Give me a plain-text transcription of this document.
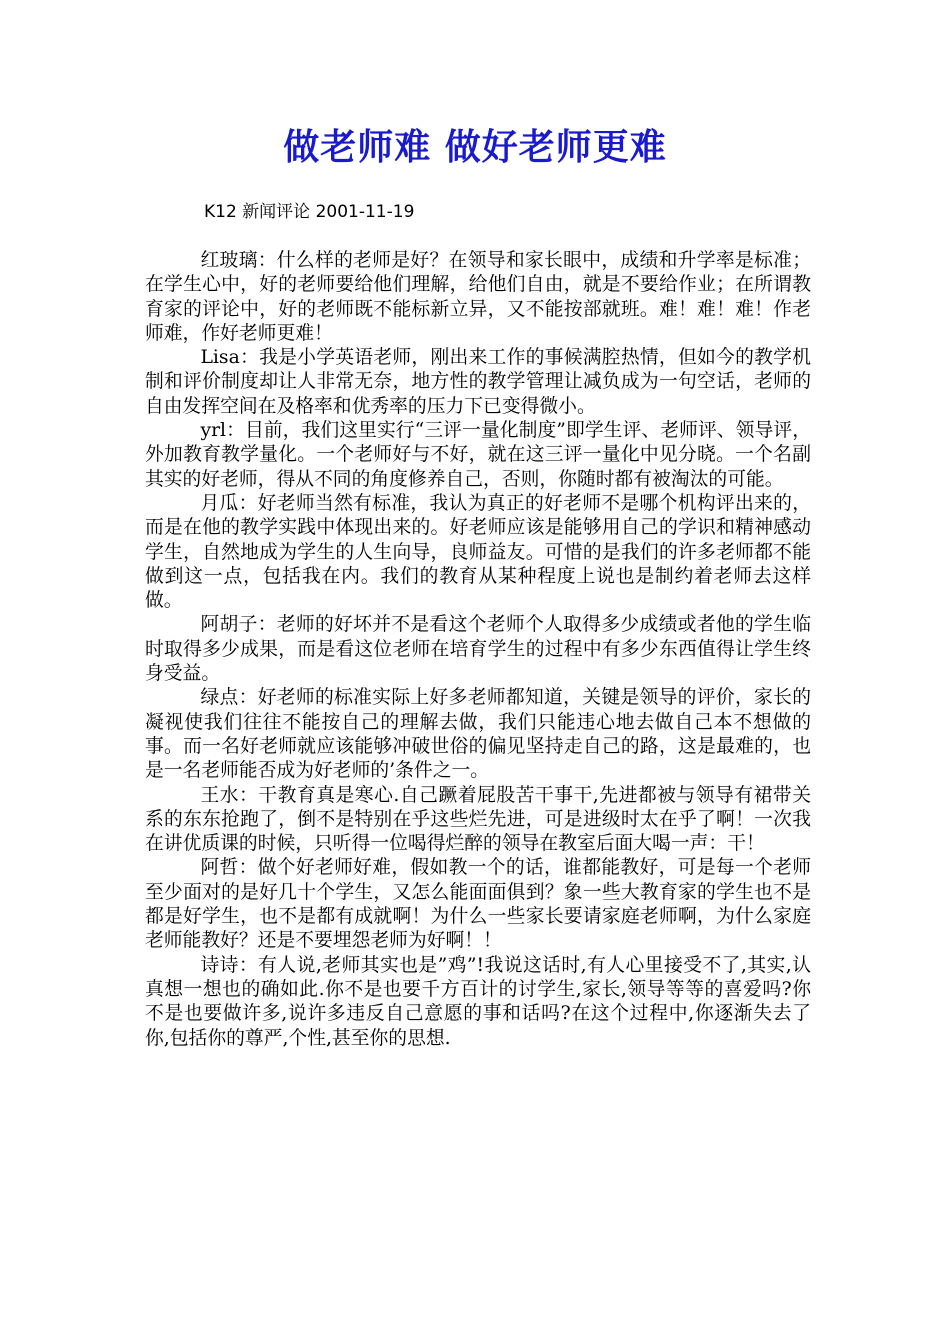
做老师难 做好老师更难

K12 新闻评论 2001-11-19

红玻璃：什么样的老师是好？在领导和家长眼中，成绩和升学率是标准；在学生心中，好的老师要给他们理解，给他们自由，就是不要给作业；在所谓教育家的评论中，好的老师既不能标新立异，又不能按部就班。难！难！难！作老师难，作好老师更难！

Lisa：我是小学英语老师，刚出来工作的事候满腔热情，但如今的教学机制和评价制度却让人非常无奈，地方性的教学管理让减负成为一句空话，老师的自由发挥空间在及格率和优秀率的压力下已变得微小。

yrl：目前，我们这里实行“三评一量化制度”即学生评、老师评、领导评，外加教育教学量化。一个老师好与不好，就在这三评一量化中见分晓。一个名副其实的好老师，得从不同的角度修养自己，否则，你随时都有被淘汰的可能。

月瓜：好老师当然有标准，我认为真正的好老师不是哪个机构评出来的，而是在他的教学实践中体现出来的。好老师应该是能够用自己的学识和精神感动学生，自然地成为学生的人生向导，良师益友。可惜的是我们的许多老师都不能做到这一点，包括我在内。我们的教育从某种程度上说也是制约着老师去这样做。

阿胡子：老师的好坏并不是看这个老师个人取得多少成绩或者他的学生临时取得多少成果，而是看这位老师在培育学生的过程中有多少东西值得让学生终身受益。

绿点：好老师的标准实际上好多老师都知道，关键是领导的评价，家长的凝视使我们往往不能按自己的理解去做，我们只能违心地去做自己本不想做的事。而一名好老师就应该能够冲破世俗的偏见坚持走自己的路，这是最难的，也是一名老师能否成为好老师的’条件之一。

王水：干教育真是寒心.自己蹶着屁股苦干事干,先进都被与领导有裙带关系的东东抢跑了，倒不是特别在乎这些烂先进，可是进级时太在乎了啊！一次我在讲优质课的时候，只听得一位喝得烂醉的领导在教室后面大喝一声：干！

阿哲：做个好老师好难，假如教一个的话，谁都能教好，可是每一个老师至少面对的是好几十个学生，又怎么能面面俱到？象一些大教育家的学生也不是都是好学生，也不是都有成就啊！为什么一些家长要请家庭老师啊，为什么家庭老师能教好？还是不要埋怨老师为好啊！！

诗诗：有人说,老师其实也是”鸡”!我说这话时,有人心里接受不了,其实,认真想一想也的确如此.你不是也要千方百计的讨学生,家长,领导等等的喜爱吗?你不是也要做许多,说许多违反自己意愿的事和话吗?在这个过程中,你逐渐失去了你,包括你的尊严,个性,甚至你的思想.
